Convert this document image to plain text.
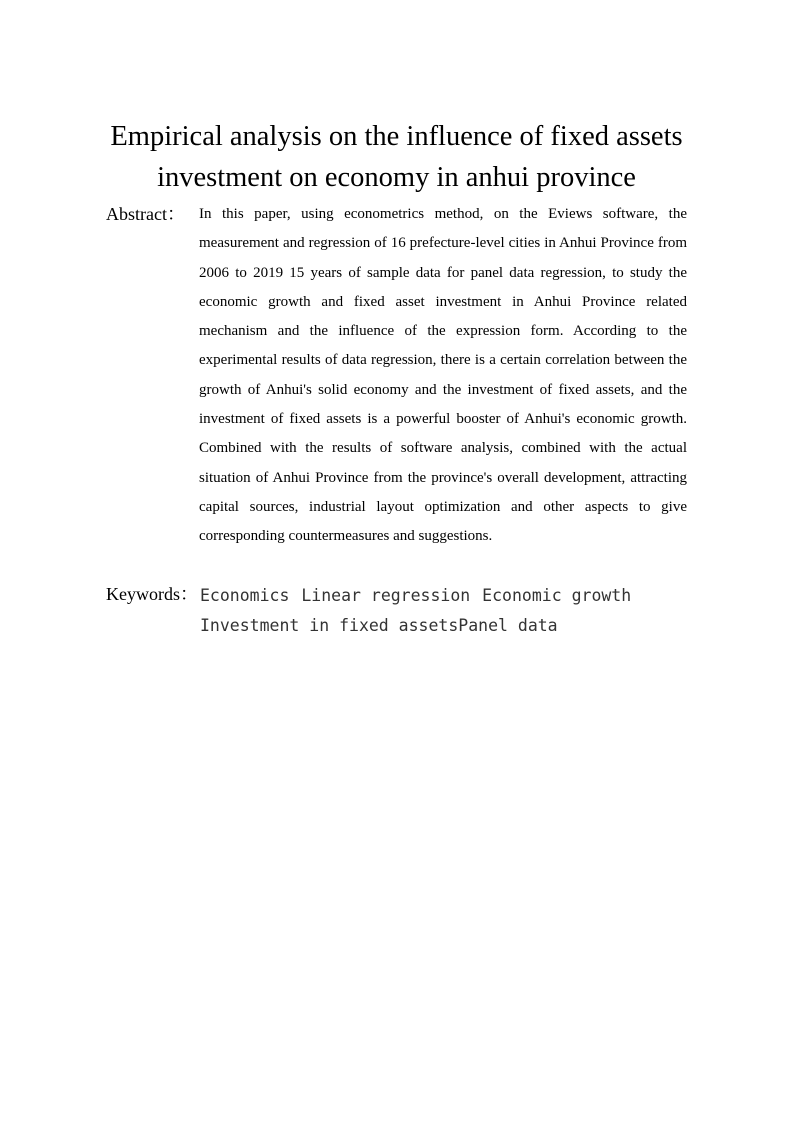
Empirical analysis on the influence of fixed assets investment on economy in anhui province
Abstract： In this paper, using econometrics method, on the Eviews software, the measurement and regression of 16 prefecture-level cities in Anhui Province from 2006 to 2019 15 years of sample data for panel data regression, to study the economic growth and fixed asset investment in Anhui Province related mechanism and the influence of the expression form. According to the experimental results of data regression, there is a certain correlation between the growth of Anhui's solid economy and the investment of fixed assets, and the investment of fixed assets is a powerful booster of Anhui's economic growth. Combined with the results of software analysis, combined with the actual situation of Anhui Province from the province's overall development, attracting capital sources, industrial layout optimization and other aspects to give corresponding countermeasures and suggestions.

Keywords： Economics Linear regression Economic growth Investment in fixed assetsPanel data
